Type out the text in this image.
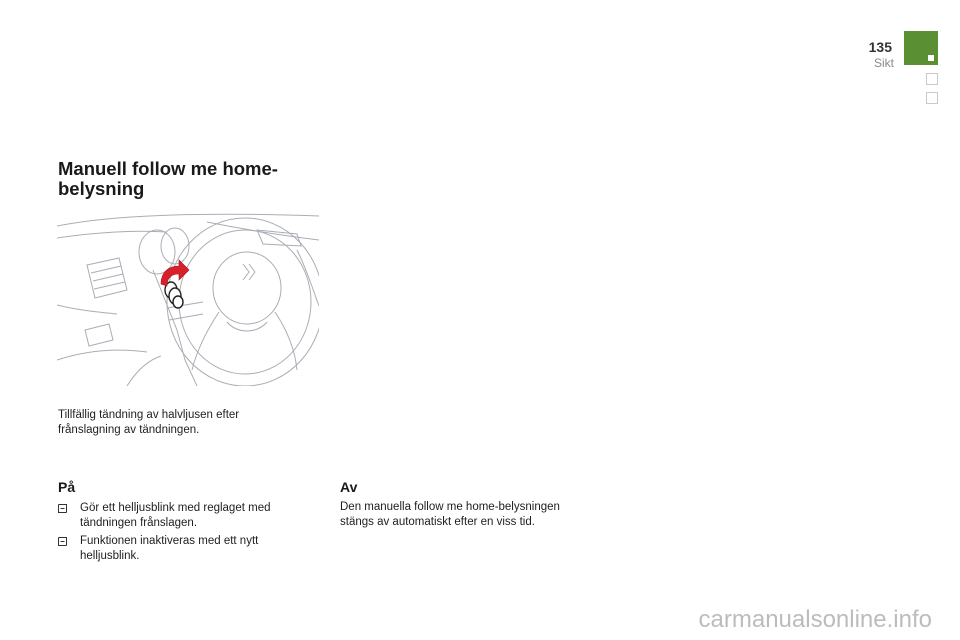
135
Sikt
Manuell follow me home-belysning

Tillfällig tändning av halvljusen efter frånslagning av tändningen.

På
Gör ett helljusblink med reglaget med tändningen frånslagen.
Funktionen inaktiveras med ett nytt helljusblink.
Av

Den manuella follow me home-belysningen stängs av automatiskt efter en viss tid.

carmanualsonline.info
